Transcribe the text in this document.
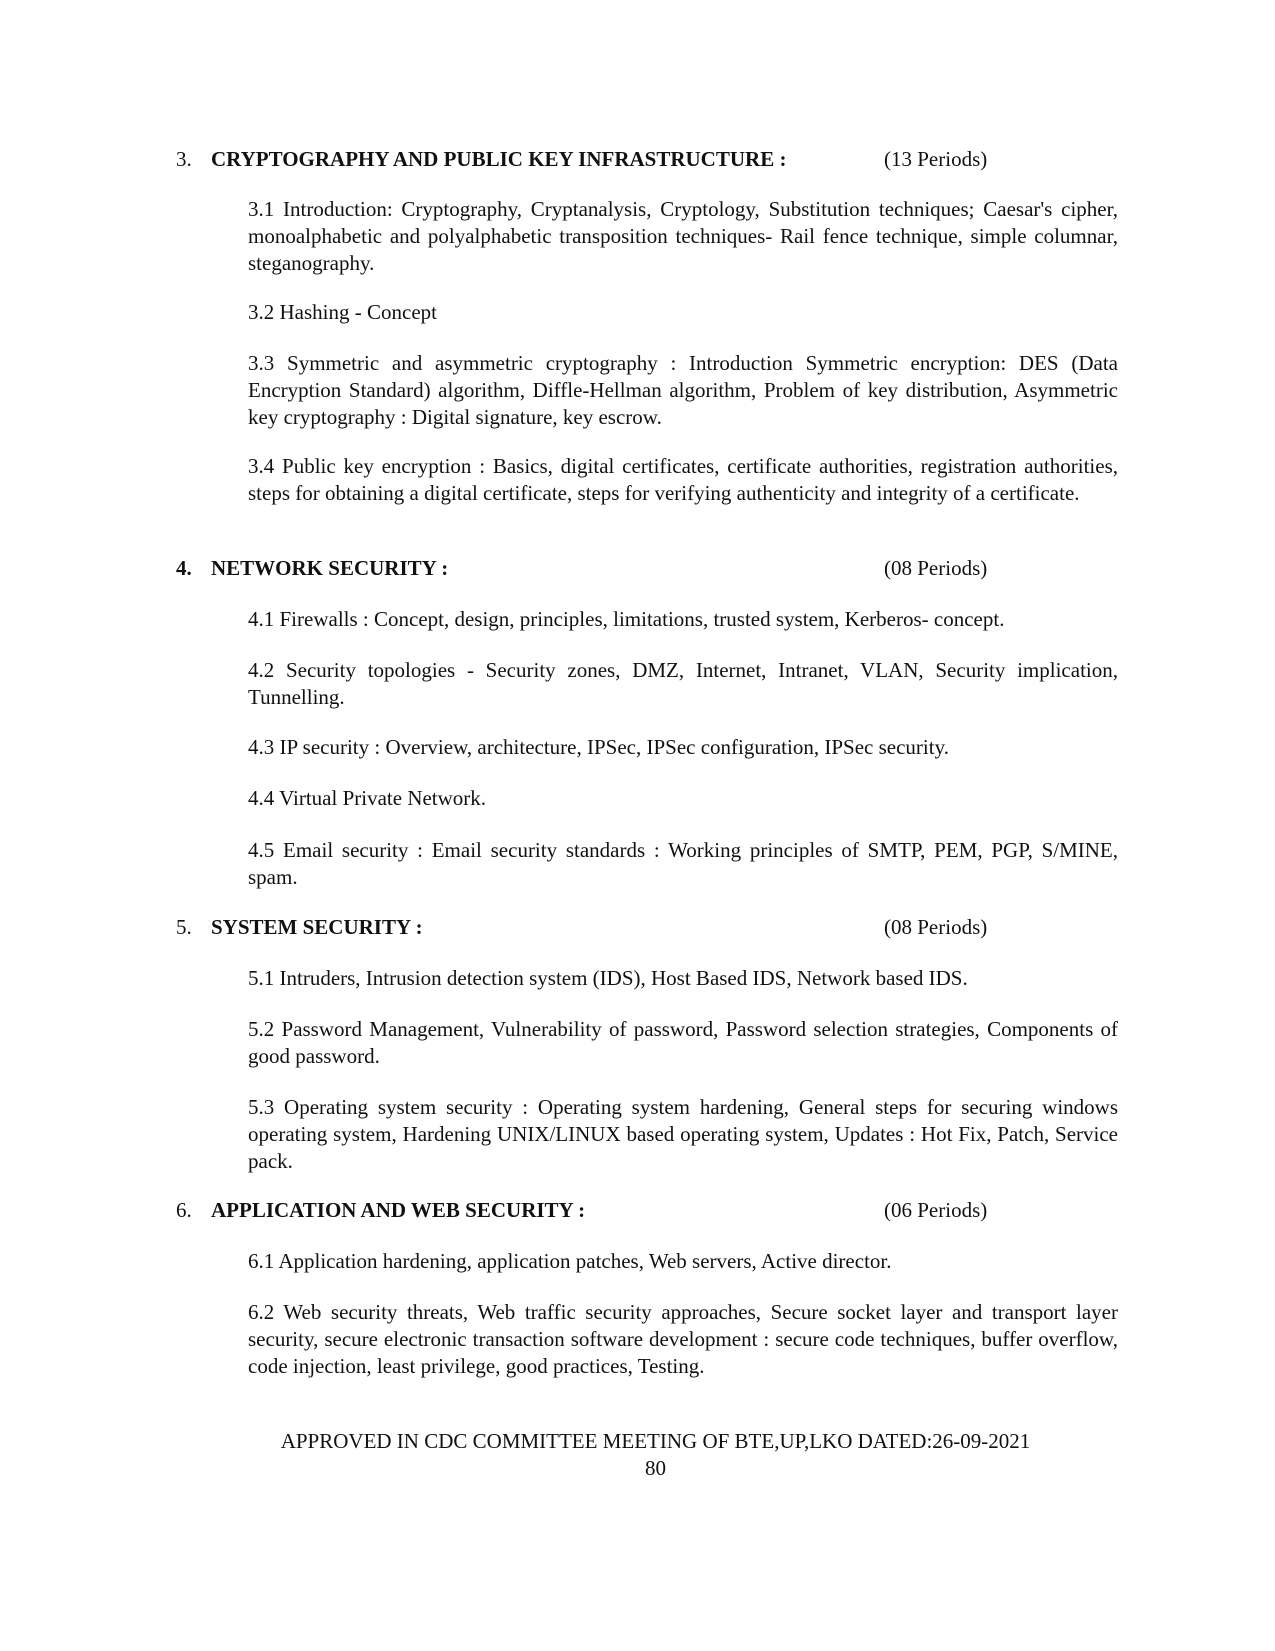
3. CRYPTOGRAPHY AND PUBLIC KEY INFRASTRUCTURE :	(13 Periods)

3.1 Introduction: Cryptography, Cryptanalysis, Cryptology, Substitution techniques; Caesar's cipher, monoalphabetic and polyalphabetic transposition techniques- Rail fence technique, simple columnar, steganography.

3.2 Hashing - Concept

3.3 Symmetric and asymmetric cryptography : Introduction Symmetric encryption: DES (Data Encryption Standard) algorithm, Diffle-Hellman algorithm, Problem of key distribution, Asymmetric key cryptography : Digital signature, key escrow.

3.4 Public key encryption : Basics, digital certificates, certificate authorities, registration authorities, steps for obtaining a digital certificate, steps for verifying authenticity and integrity of a certificate.

4. NETWORK SECURITY :	(08 Periods)

4.1 Firewalls : Concept, design, principles, limitations, trusted system, Kerberos- concept.

4.2 Security topologies - Security zones, DMZ, Internet, Intranet, VLAN, Security implication, Tunnelling.

4.3 IP security : Overview, architecture, IPSec, IPSec configuration, IPSec security.

4.4 Virtual Private Network.

4.5 Email security : Email security standards : Working principles of SMTP, PEM, PGP, S/MINE, spam.

5. SYSTEM SECURITY :	(08 Periods)

5.1 Intruders, Intrusion detection system (IDS), Host Based IDS, Network based IDS.

5.2 Password Management, Vulnerability of password, Password selection strategies, Components of good password.

5.3 Operating system security : Operating system hardening, General steps for securing windows operating system, Hardening UNIX/LINUX based operating system, Updates : Hot Fix, Patch, Service pack.

6. APPLICATION AND WEB SECURITY :	(06 Periods)

6.1 Application hardening, application patches, Web servers, Active director.

6.2 Web security threats, Web traffic security approaches, Secure socket layer and transport layer security, secure electronic transaction software development : secure code techniques, buffer overflow, code injection, least privilege, good practices, Testing.

APPROVED IN CDC COMMITTEE MEETING OF BTE,UP,LKO DATED:26-09-2021
80
